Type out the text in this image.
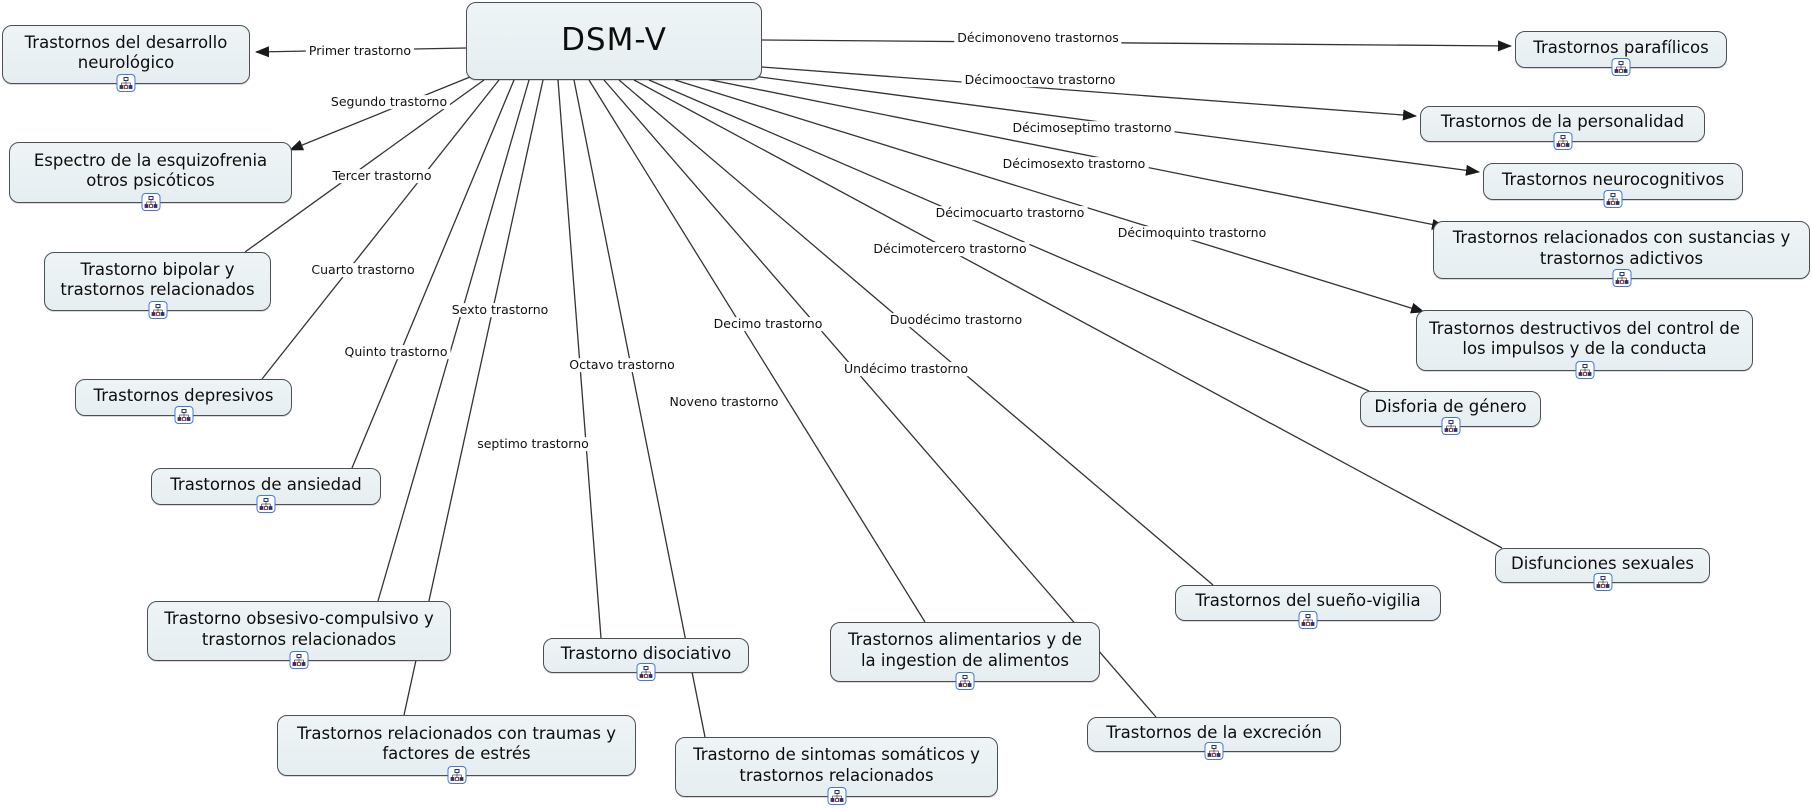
Primer trastorno
Segundo trastorno
Tercer trastorno
Cuarto trastorno
Quinto trastorno
Sexto trastorno
septimo trastorno
Octavo trastorno
Noveno trastorno
Decimo trastorno
Undécimo trastorno
Duodécimo trastorno
Décimotercero trastorno
Décimocuarto trastorno
Décimoquinto trastorno
Décimosexto trastorno
Décimoseptimo trastorno
Décimooctavo trastorno
Décimonoveno trastornos
DSM-V
Trastornos del desarrollo neurológico
Espectro de la esquizofrenia otros psicóticos
Trastorno bipolar y trastornos relacionados
Trastornos depresivos
Trastornos de ansiedad
Trastorno obsesivo-compulsivo y trastornos relacionados
Trastornos relacionados con traumas y factores de estrés
Trastorno disociativo
Trastorno de sintomas somáticos y trastornos relacionados
Trastornos alimentarios y de la ingestion de alimentos
Trastornos de la excreción
Trastornos del sueño-vigilia
Disfunciones sexuales
Disforia de género
Trastornos destructivos del control de los impulsos y de la conducta
Trastornos relacionados con sustancias y trastornos adictivos
Trastornos neurocognitivos
Trastornos de la personalidad
Trastornos parafílicos
